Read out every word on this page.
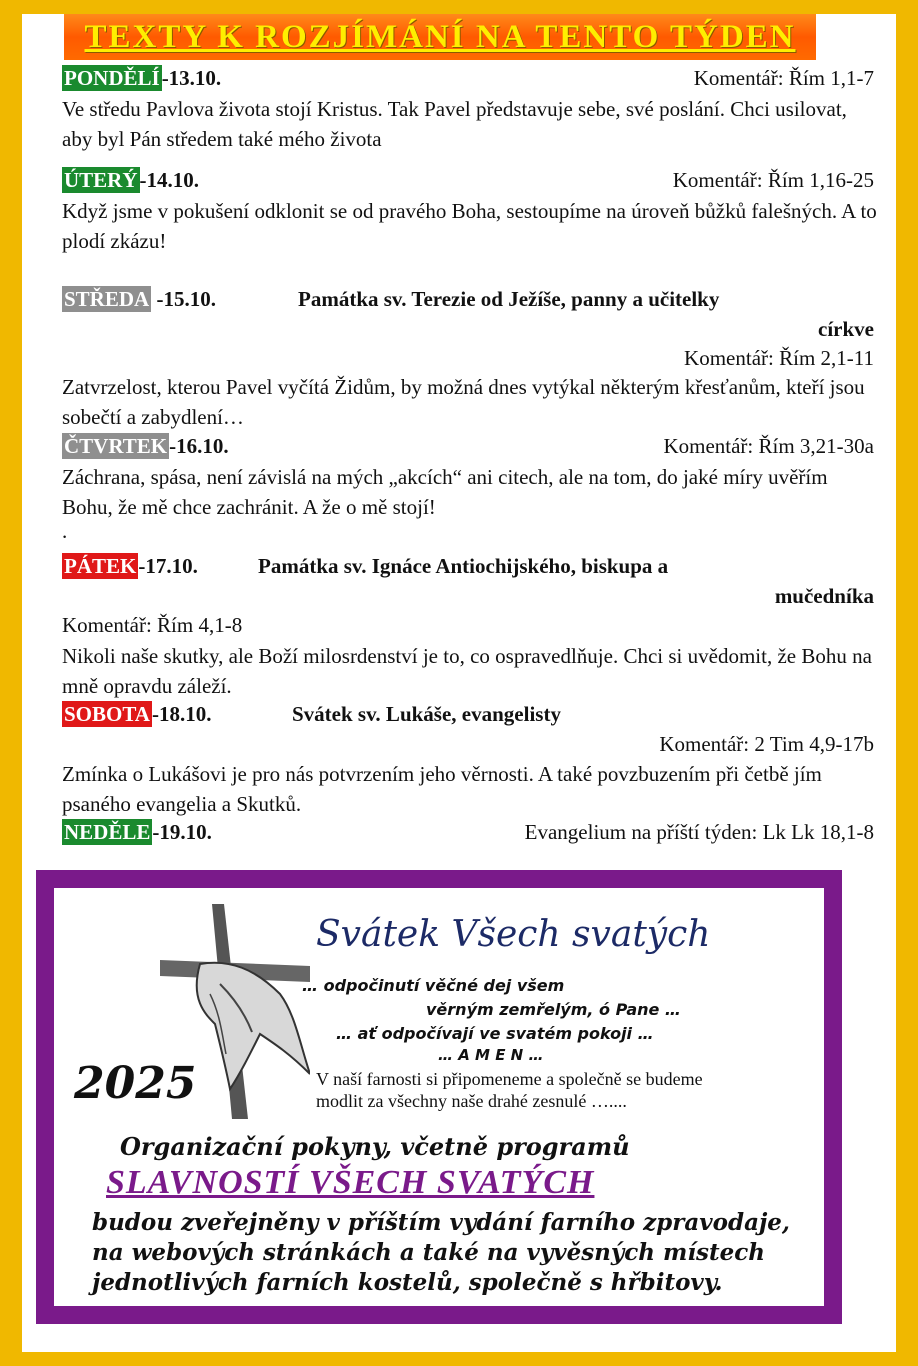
TEXTY K ROZJÍMÁNÍ NA TENTO TÝDEN
PONDĚLÍ-13.10.	Komentář: Řím 1,1-7
Ve středu Pavlova života stojí Kristus. Tak Pavel představuje sebe, své poslání. Chci usilovat, aby byl Pán středem také mého života
ÚTERÝ-14.10.	Komentář: Řím 1,16-25
Když jsme v pokušení odklonit se od pravého Boha, sestoupíme na úroveň bůžků falešných. A to plodí zkázu!
STŘEDA -15.10.	Památka sv. Terezie od Ježíše, panny a učitelky
církve
Komentář: Řím 2,1-11
Zatvrzelost, kterou Pavel vyčítá Židům, by možná dnes vytýkal některým křesťanům, kteří jsou sobečtí a zabydlení…
ČTVRTEK-16.10.	Komentář: Řím 3,21-30a
Záchrana, spása, není závislá na mých „akcích“ ani citech, ale na tom, do jaké míry uvěřím Bohu, že mě chce zachránit. A že o mě stojí!
.
PÁTEK-17.10.	Památka sv. Ignáce Antiochijského, biskupa a
mučedníka
Komentář: Řím 4,1-8
Nikoli naše skutky, ale Boží milosrdenství je to, co ospravedlňuje. Chci si uvědomit, že Bohu na mně opravdu záleží.
SOBOTA-18.10.	Svátek sv. Lukáše, evangelisty
Komentář: 2 Tim 4,9-17b
Zmínka o Lukášovi je pro nás potvrzením jeho věrnosti. A také povzbuzením při četbě jím psaného evangelia a Skutků.
NEDĚLE-19.10.	Evangelium na příští týden: Lk Lk 18,1-8
Svátek Všech svatých
… odpočinutí věčné dej všem
věrným zemřelým, ó Pane …
… ať odpočívají ve svatém pokoji …
… A M E N …
2025	V naší farnosti si připomeneme a společně se budeme modlit za všechny naše drahé zesnulé …....
Organizační pokyny, včetně programů
SLAVNOSTÍ VŠECH SVATÝCH
budou zveřejněny v příštím vydání farního zpravodaje, na webových stránkách a také na vyvěsných místech jednotlivých farních kostelů, společně s hřbitovy.
